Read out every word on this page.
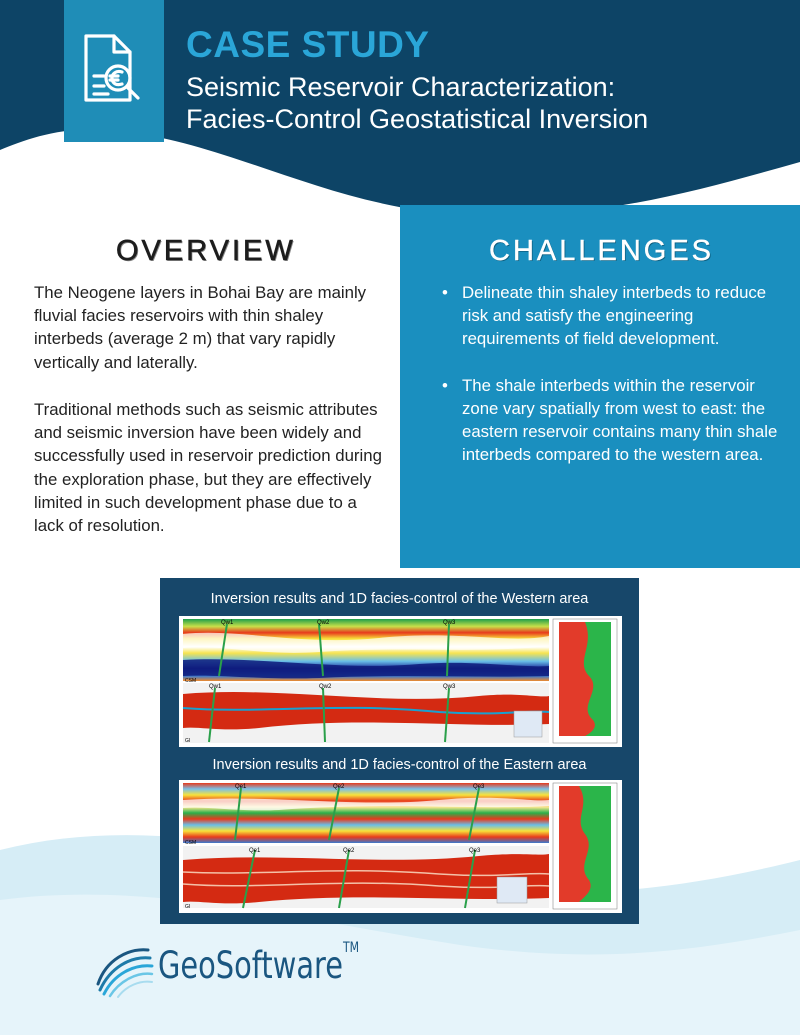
CASE STUDY
Seismic Reservoir Characterization:
Facies-Control Geostatistical Inversion
OVERVIEW
The Neogene layers in Bohai Bay are mainly fluvial facies reservoirs with thin shaley interbeds (average 2 m) that vary rapidly vertically and laterally.
Traditional methods such as seismic attributes and seismic inversion have been widely and successfully used in reservoir prediction during the exploration phase, but they are effectively limited in such development phase due to a lack of resolution.
CHALLENGES
• Delineate thin shaley interbeds to reduce risk and satisfy the engineering requirements of field development.
• The shale interbeds within the reservoir zone vary spatially from west to east: the eastern reservoir contains many thin shale interbeds compared to the western area.
Inversion results and 1D facies-control of the Western area
Qw1	Qw2	Qw3
Qw1	Qw2	Qw3
CSM
GI
Inversion results and 1D facies-control of the Eastern area
Qe1	Qe2	Qe3
Qe1	Qe2	Qe3
CSM
GI
GeoSoftware™
